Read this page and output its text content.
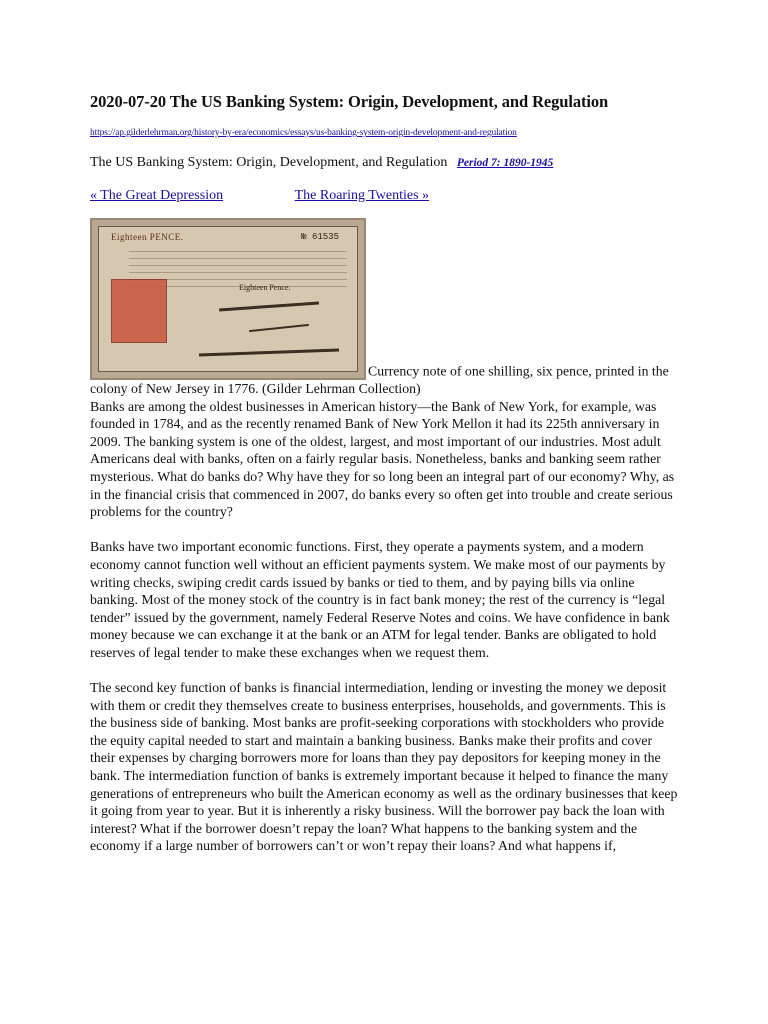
2020-07-20 The US Banking System: Origin, Development, and Regulation
https://ap.gilderlehrman.org/history-by-era/economics/essays/us-banking-system-origin-development-and-regulation
The US Banking System: Origin, Development, and Regulation Period 7: 1890-1945
« The Great Depression	The Roaring Twenties »
Eighteen PENCE.	№ 61535
Eighteen Pence.
Currency note of one shilling, six pence, printed in the colony of New Jersey in 1776. (Gilder Lehrman Collection)

Banks are among the oldest businesses in American history—the Bank of New York, for example, was founded in 1784, and as the recently renamed Bank of New York Mellon it had its 225th anniversary in 2009. The banking system is one of the oldest, largest, and most important of our industries. Most adult Americans deal with banks, often on a fairly regular basis. Nonetheless, banks and banking seem rather mysterious. What do banks do? Why have they for so long been an integral part of our economy? Why, as in the financial crisis that commenced in 2007, do banks every so often get into trouble and create serious problems for the country?

Banks have two important economic functions. First, they operate a payments system, and a modern economy cannot function well without an efficient payments system. We make most of our payments by writing checks, swiping credit cards issued by banks or tied to them, and by paying bills via online banking. Most of the money stock of the country is in fact bank money; the rest of the currency is “legal tender” issued by the government, namely Federal Reserve Notes and coins. We have confidence in bank money because we can exchange it at the bank or an ATM for legal tender. Banks are obligated to hold reserves of legal tender to make these exchanges when we request them.

The second key function of banks is financial intermediation, lending or investing the money we deposit with them or credit they themselves create to business enterprises, households, and governments. This is the business side of banking. Most banks are profit-seeking corporations with stockholders who provide the equity capital needed to start and maintain a banking business. Banks make their profits and cover their expenses by charging borrowers more for loans than they pay depositors for keeping money in the bank. The intermediation function of banks is extremely important because it helped to finance the many generations of entrepreneurs who built the American economy as well as the ordinary businesses that keep it going from year to year. But it is inherently a risky business. Will the borrower pay back the loan with interest? What if the borrower doesn’t repay the loan? What happens to the banking system and the economy if a large number of borrowers can’t or won’t repay their loans? And what happens if,
